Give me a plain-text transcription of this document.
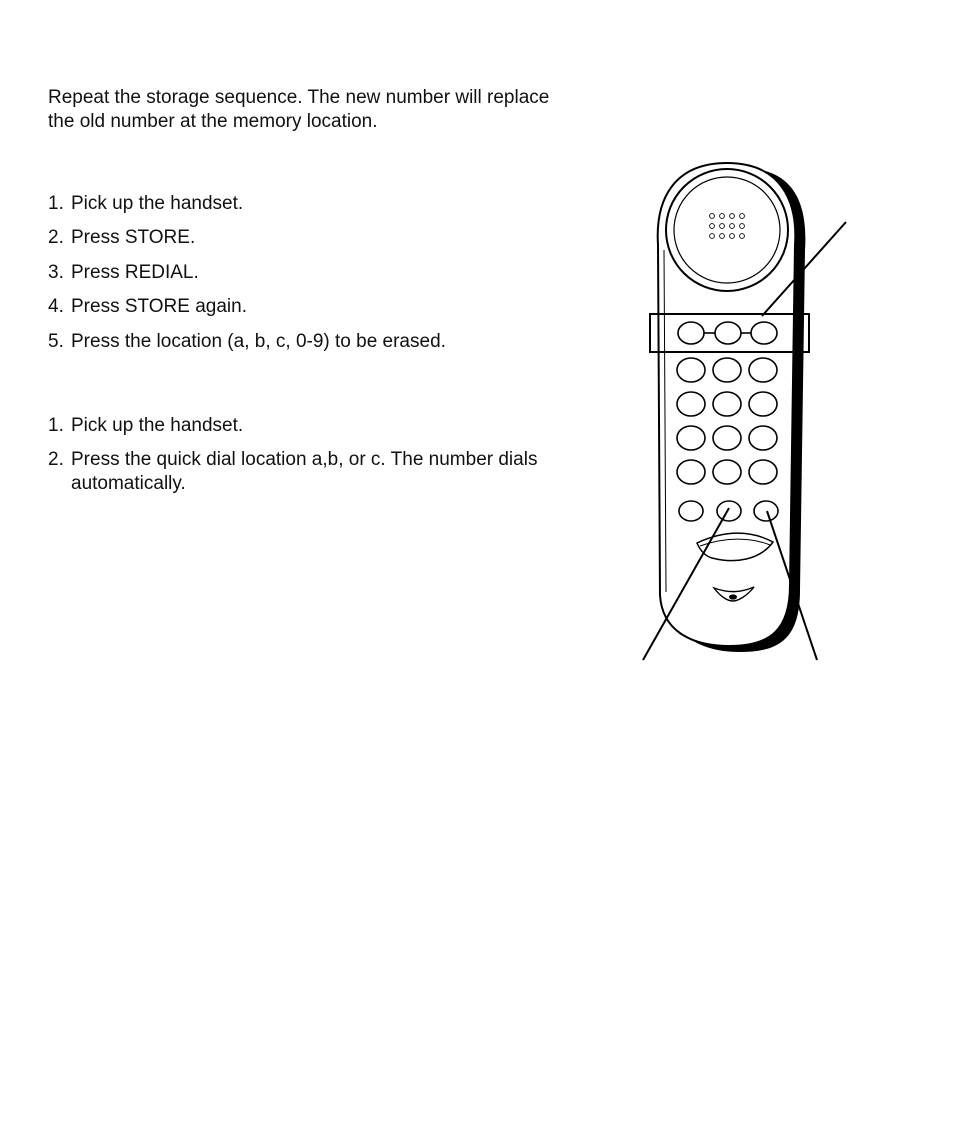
Repeat the storage sequence. The new number will replace the old number at the memory location.

1. Pick up the handset.

2. Press STORE.

3. Press REDIAL.

4. Press STORE again.

5. Press the location (a, b, c, 0-9) to be erased.

1. Pick up the handset.

2. Press the quick dial location a,b, or c. The number dials automatically.
